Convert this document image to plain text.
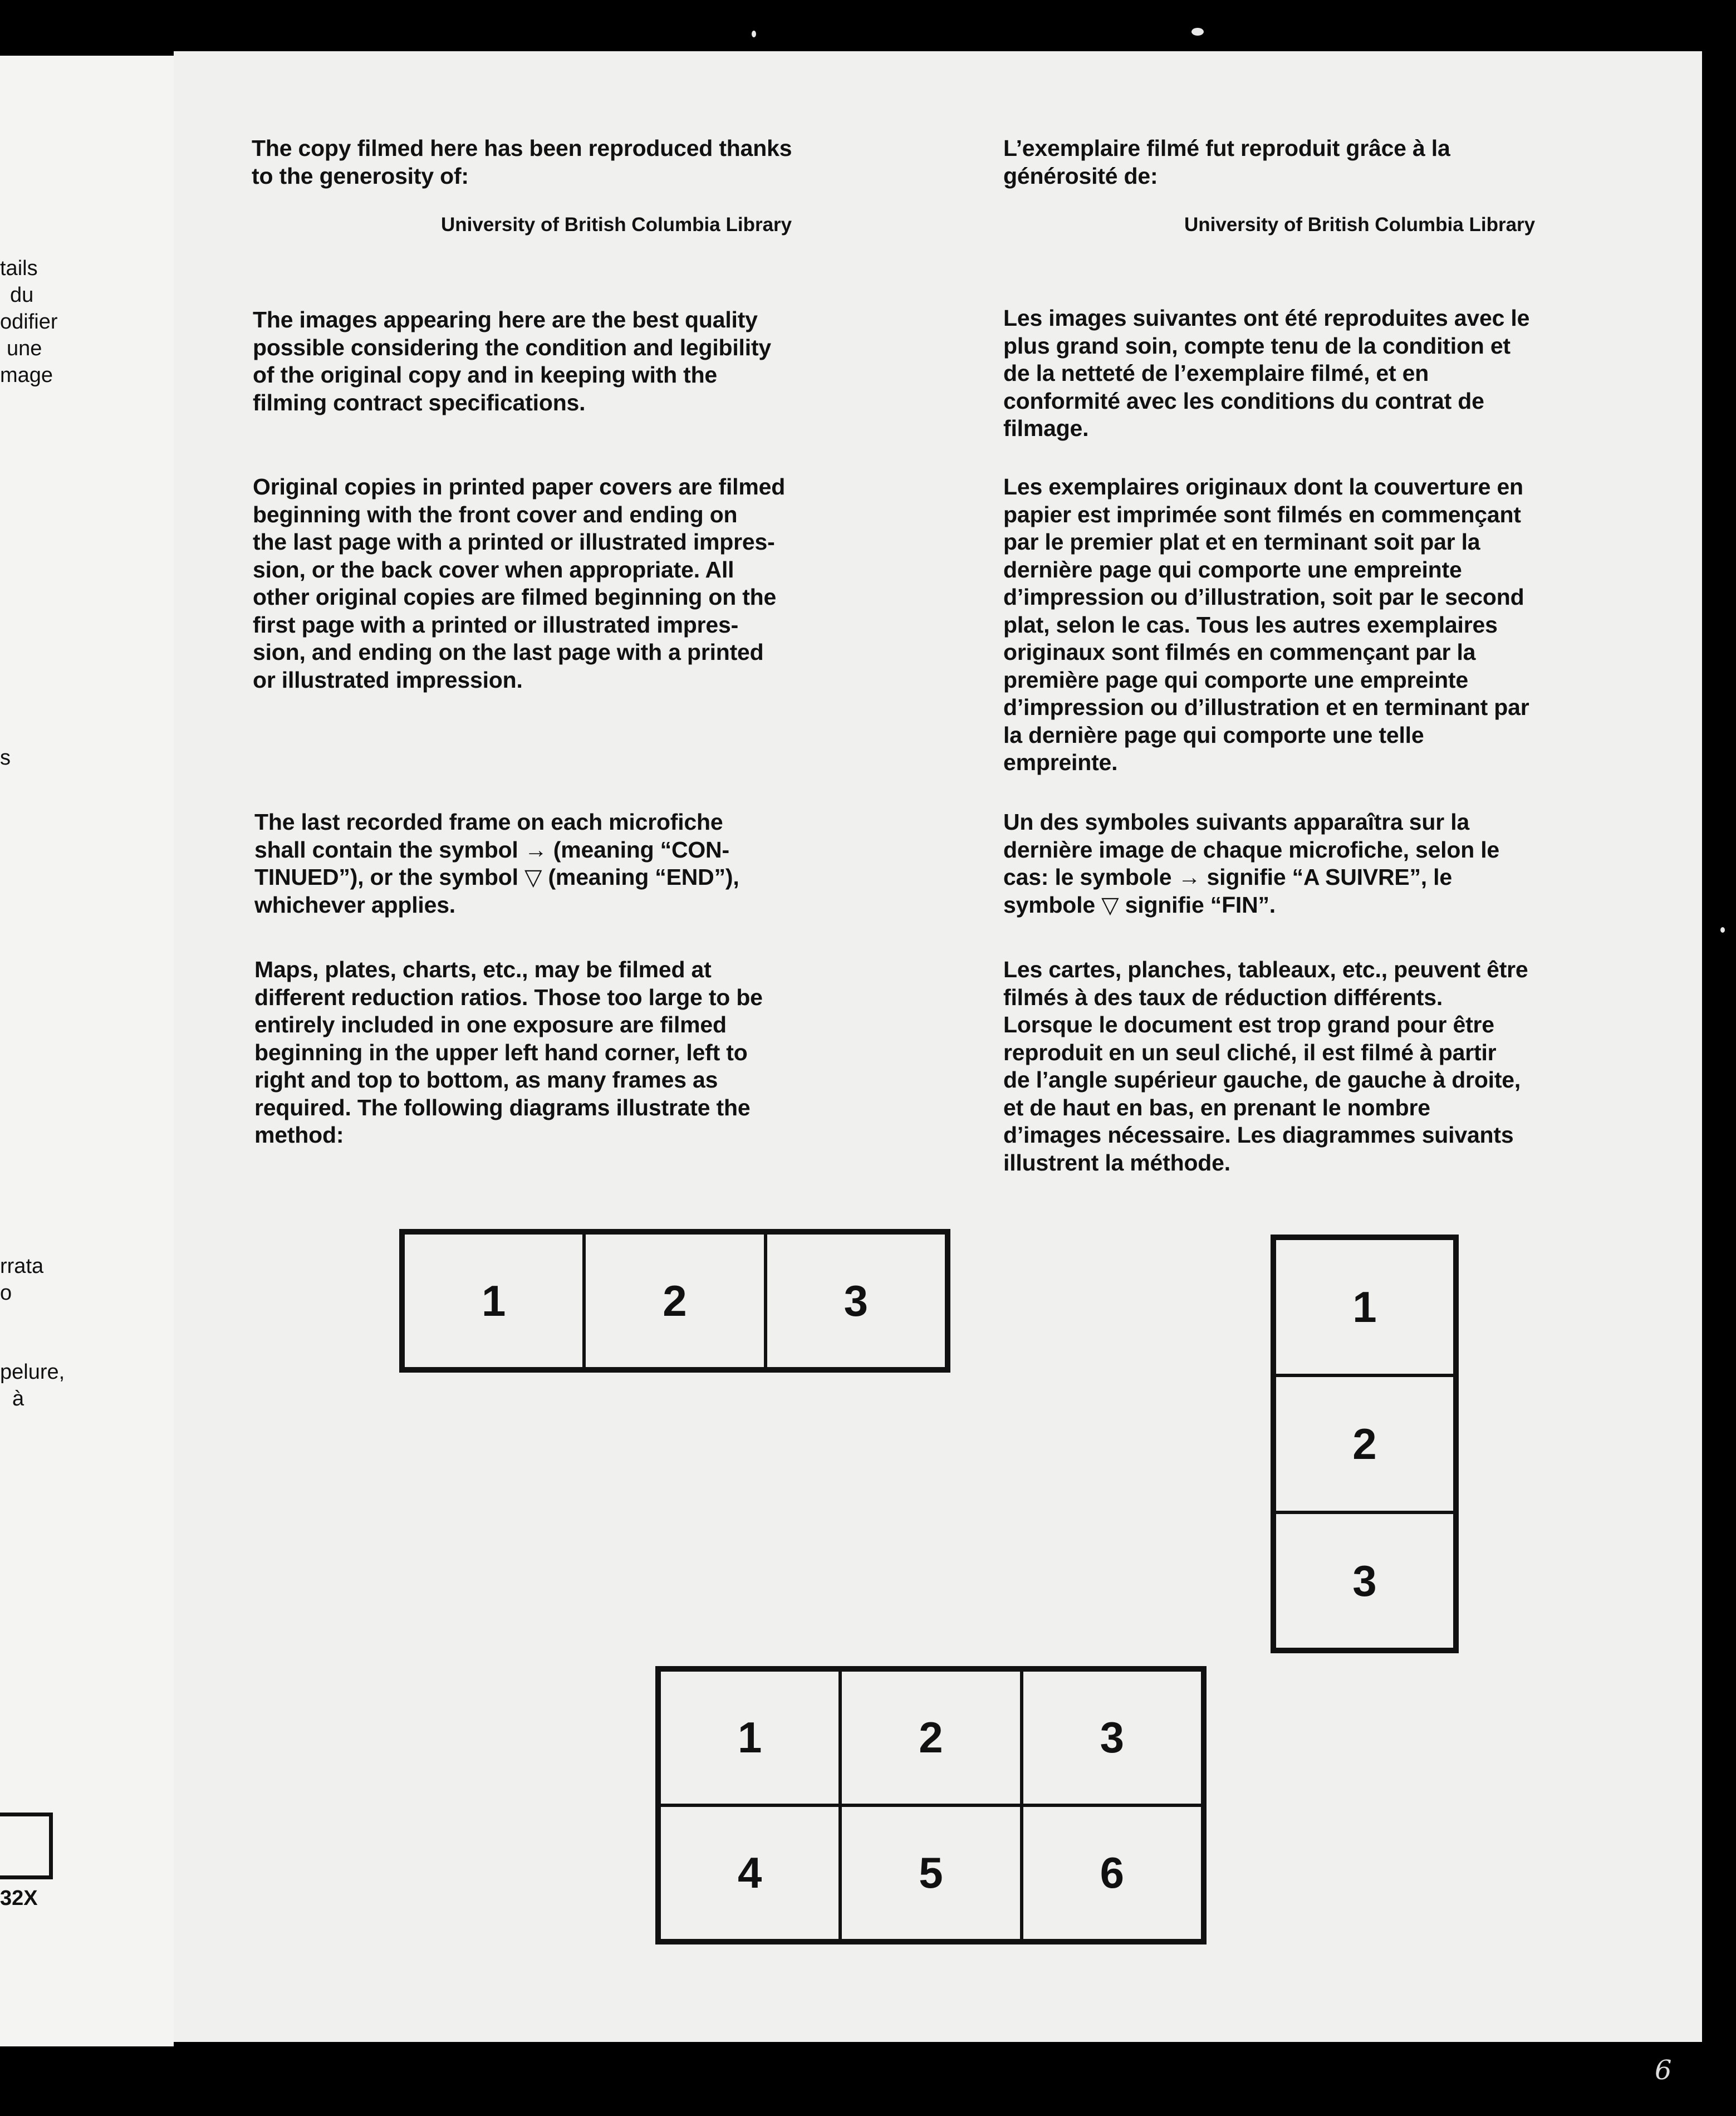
tails
du
odifier
une
mage
s
rrata
o
pelure,
à
32X
The copy filmed here has been reproduced thanks
to the generosity of:
University of British Columbia Library
The images appearing here are the best quality
possible considering the condition and legibility
of the original copy and in keeping with the
filming contract specifications.
Original copies in printed paper covers are filmed
beginning with the front cover and ending on
the last page with a printed or illustrated impres-
sion, or the back cover when appropriate. All
other original copies are filmed beginning on the
first page with a printed or illustrated impres-
sion, and ending on the last page with a printed
or illustrated impression.
The last recorded frame on each microfiche
shall contain the symbol → (meaning “CON-
TINUED”), or the symbol ▽ (meaning “END”),
whichever applies.
Maps, plates, charts, etc., may be filmed at
different reduction ratios. Those too large to be
entirely included in one exposure are filmed
beginning in the upper left hand corner, left to
right and top to bottom, as many frames as
required. The following diagrams illustrate the
method:
L’exemplaire filmé fut reproduit grâce à la
générosité de:
University of British Columbia Library
Les images suivantes ont été reproduites avec le
plus grand soin, compte tenu de la condition et
de la netteté de l’exemplaire filmé, et en
conformité avec les conditions du contrat de
filmage.
Les exemplaires originaux dont la couverture en
papier est imprimée sont filmés en commençant
par le premier plat et en terminant soit par la
dernière page qui comporte une empreinte
d’impression ou d’illustration, soit par le second
plat, selon le cas. Tous les autres exemplaires
originaux sont filmés en commençant par la
première page qui comporte une empreinte
d’impression ou d’illustration et en terminant par
la dernière page qui comporte une telle
empreinte.
Un des symboles suivants apparaîtra sur la
dernière image de chaque microfiche, selon le
cas: le symbole → signifie “A SUIVRE”, le
symbole ▽ signifie “FIN”.
Les cartes, planches, tableaux, etc., peuvent être
filmés à des taux de réduction différents.
Lorsque le document est trop grand pour être
reproduit en un seul cliché, il est filmé à partir
de l’angle supérieur gauche, de gauche à droite,
et de haut en bas, en prenant le nombre
d’images nécessaire. Les diagrammes suivants
illustrent la méthode.
1	2	3	1
2
3
1	2	3
4	5	6
6
